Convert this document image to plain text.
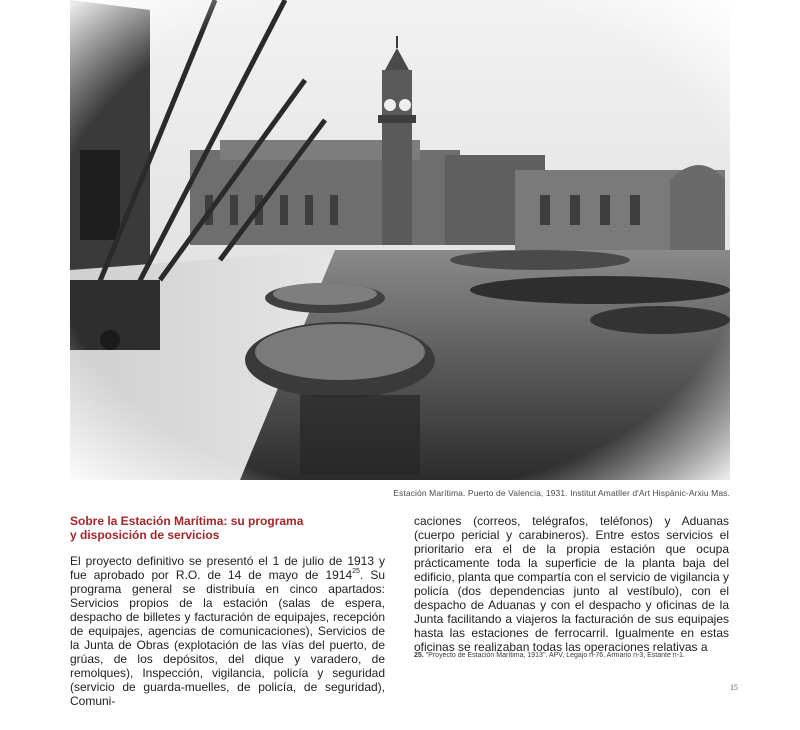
Estación Marítima. Puerto de Valencia, 1931. Institut Amatller d'Art Hispànic-Arxiu Mas.

Sobre la Estación Marítima: su programa
y disposición de servicios

El proyecto definitivo se presentó el 1 de julio de 1913 y fue aprobado por R.O. de 14 de mayo de 1914$^{25}$. Su programa general se distribuía en cinco apartados: Servicios propios de la estación (salas de espera, despacho de billetes y facturación de equipajes, recepción de equipajes, agencias de comunicaciones), Servicios de la Junta de Obras (explotación de las vías del puerto, de grúas, de los depósitos, del dique y varadero, de remolques), Inspección, vigilancia, policía y seguridad (servicio de guarda-muelles, de policía, de seguridad), Comuni-

caciones (correos, telégrafos, teléfonos) y Aduanas (cuerpo pericial y carabineros). Entre estos servicios el prioritario era el de la propia estación que ocupa prácticamente toda la superficie de la planta baja del edificio, planta que compartía con el servicio de vigilancia y policía (dos dependencias junto al vestíbulo), con el despacho de Aduanas y con el despacho y oficinas de la Junta facilitando a viajeros la facturación de sus equipajes hasta las estaciones de ferrocarril. Igualmente en estas oficinas se realizaban todas las operaciones relativas a

25. "Proyecto de Estación Marítima, 1913". APV, Legajo n-76, Armario n-3, Estante n-1.
15
